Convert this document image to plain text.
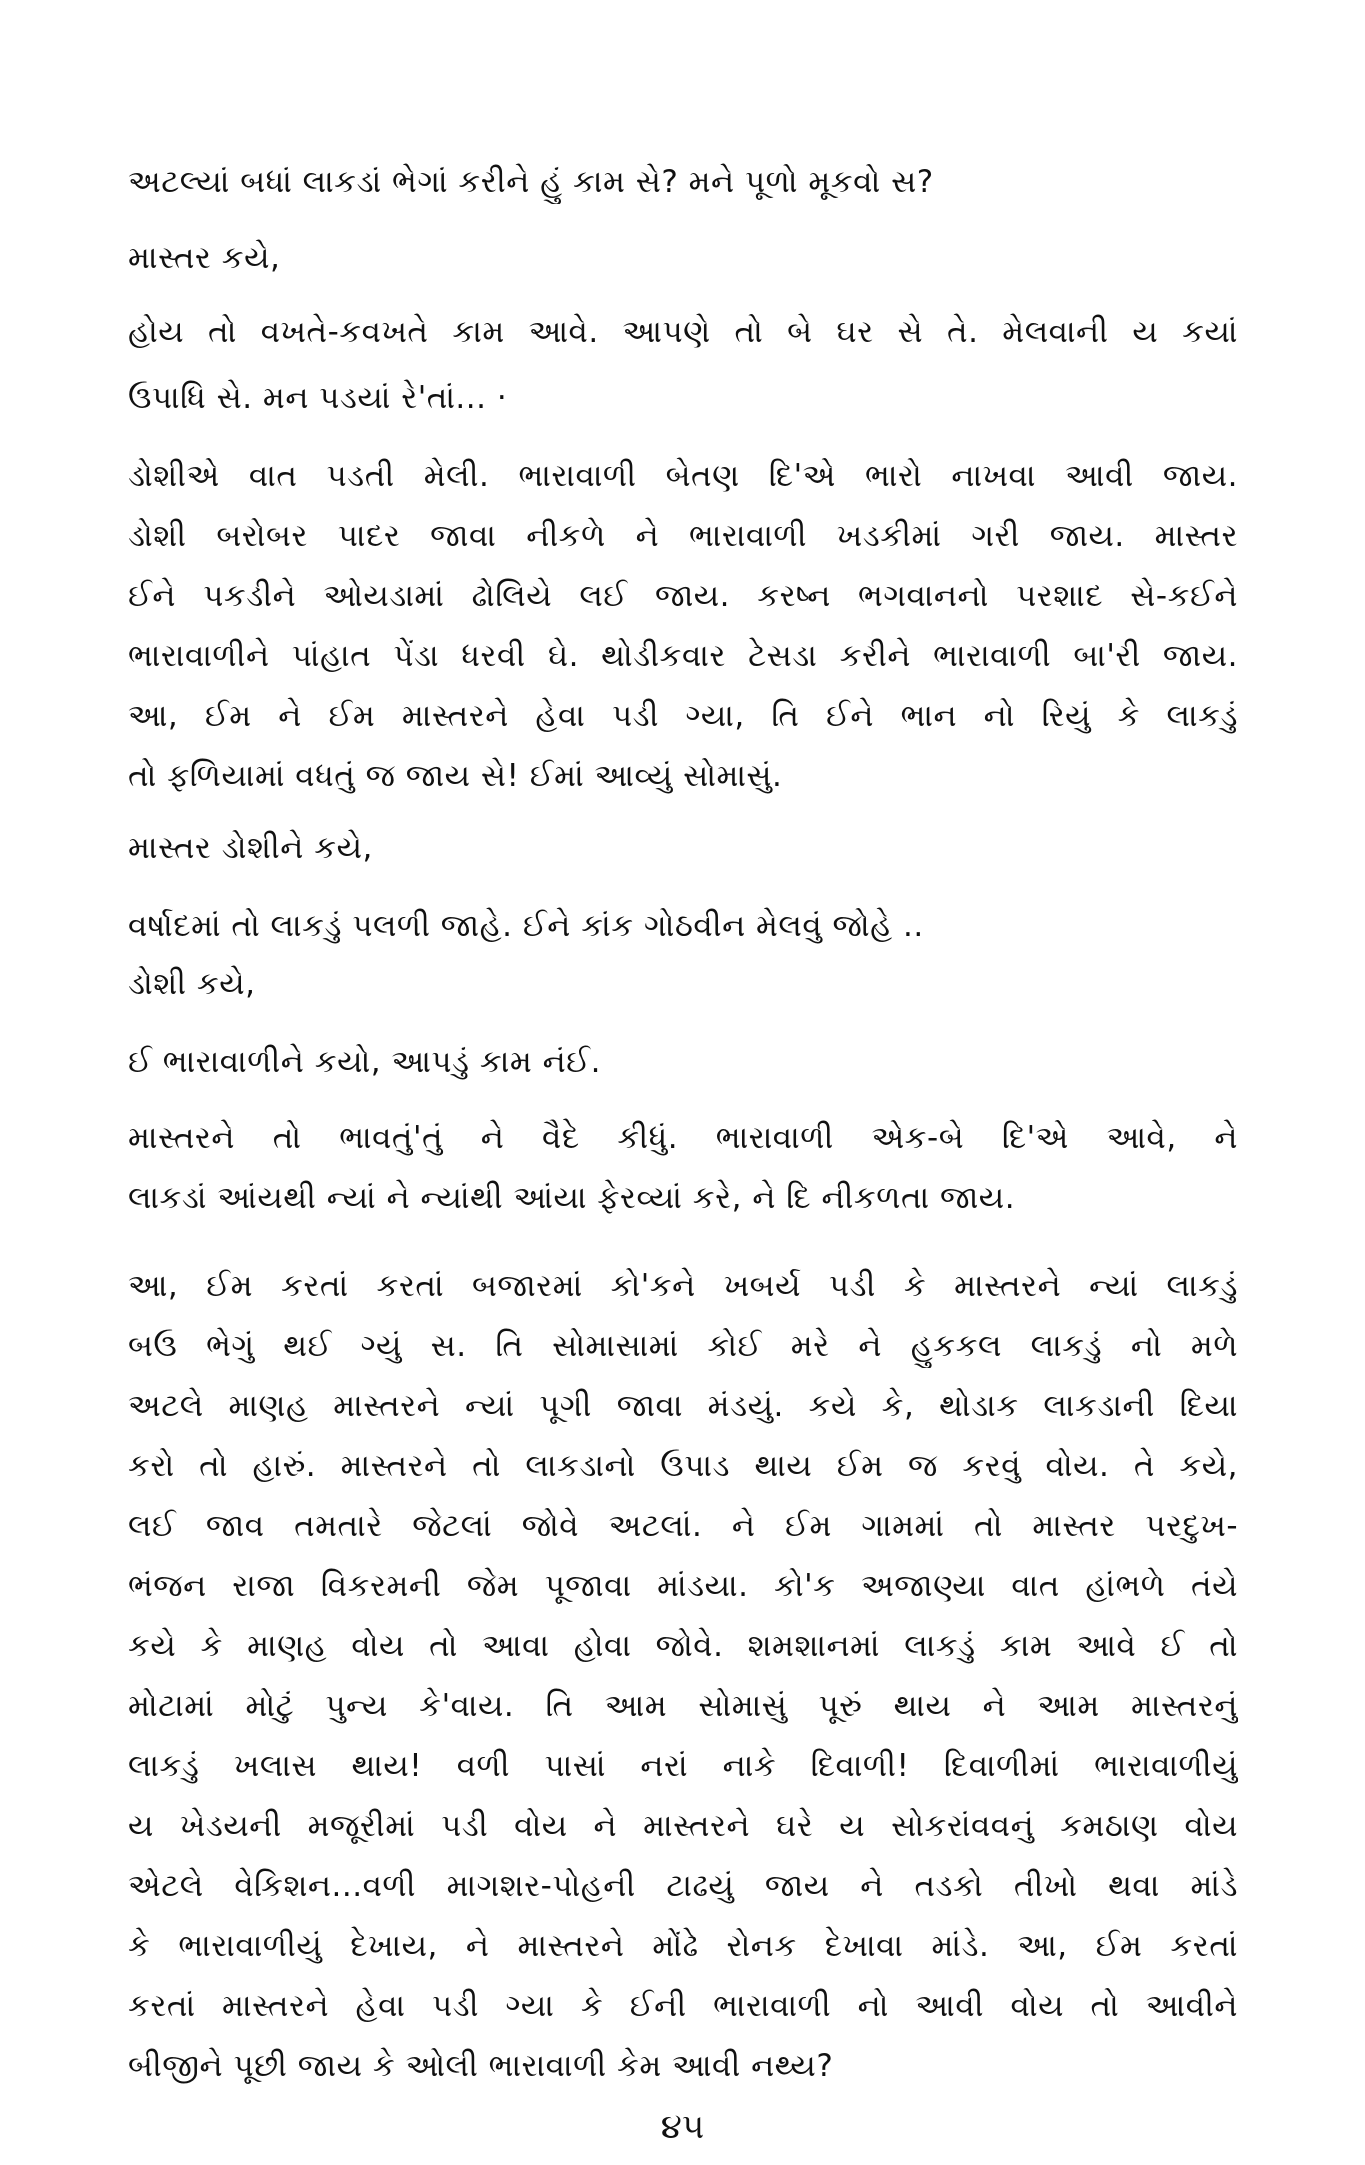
અટલ્યાં બધાં લાકડાં ભેગાં કરીને હું કામ સે? મને પૂળો મૂકવો સ?
માસ્તર કયે,
હોય તો વખતે-કવખતે કામ આવે. આપણે તો બે ઘર સે તે. મેલવાની ય કયાં
ઉપાધિ સે. મન પડયાં રે'તાં... ·
ડોશીએ વાત પડતી મેલી. ભારાવાળી બેતણ દિ'એ ભારો નાખવા આવી જાય.
ડોશી બરોબર પાદર જાવા નીકળે ને ભારાવાળી ખડકીમાં ગરી જાય. માસ્તર
ઈને પકડીને ઓયડામાં ઢોલિયે લઈ જાય. કરષ્ન ભગવાનનો પરશાદ સે-કઈને
ભારાવાળીને પાંહાત પેંડા ધરવી ઘે. થોડીકવાર ટેસડા કરીને ભારાવાળી બા'રી જાય.
આ, ઈમ ને ઈમ માસ્તરને હેવા પડી ગ્યા, તિ ઈને ભાન નો રિયું કે લાકડું
તો ફળિયામાં વધતું જ જાય સે! ઈમાં આવ્યું સોમાસું.
માસ્તર ડોશીને કયે,
વર્ષાદમાં તો લાકડું પલળી જાહે. ઈને કાંક ગોઠવીન મેલવું જોહે ..
ડોશી કયે,
ઈ ભારાવાળીને કયો, આપડું કામ નંઈ.
માસ્તરને તો ભાવતું'તું ને વૈદે કીધું. ભારાવાળી એક-બે દિ'એ આવે, ને
લાકડાં આંયથી ન્યાં ને ન્યાંથી આંયા ફેરવ્યાં કરે, ને દિ નીકળતા જાય.
આ, ઈમ કરતાં કરતાં બજારમાં કો'કને ખબર્ય પડી કે માસ્તરને ન્યાં લાકડું
બઉ ભેગું થઈ ગ્યું સ. તિ સોમાસામાં કોઈ મરે ને હુકકલ લાકડું નો મળે
અટલે માણહ માસ્તરને ન્યાં પૂગી જાવા મંડયું. કયે કે, થોડાક લાકડાની દિયા
કરો તો હારું. માસ્તરને તો લાકડાનો ઉપાડ થાય ઈમ જ કરવું વોય. તે કયે,
લઈ જાવ તમતારે જેટલાં જોવે અટલાં. ને ઈમ ગામમાં તો માસ્તર પરદુખ-
ભંજન રાજા વિકરમની જેમ પૂજાવા માંડયા. કો'ક અજાણ્યા વાત હાંભળે તંયે
કયે કે માણહ વોય તો આવા હોવા જોવે. શમશાનમાં લાકડું કામ આવે ઈ તો
મોટામાં મોટું પુન્ય કે'વાય. તિ આમ સોમાસું પૂરું થાય ને આમ માસ્તરનું
લાકડું ખલાસ થાય! વળી પાસાં નરાં નાકે દિવાળી! દિવાળીમાં ભારાવાળીયું
ય ખેડયની મજૂરીમાં પડી વોય ને માસ્તરને ઘરે ય સોકરાંવવનું કમઠાણ વોય
એટલે વેકિશન...વળી માગશર-પોહની ટાઢયું જાય ને તડકો તીખો થવા માંડે
કે ભારાવાળીયું દેખાય, ને માસ્તરને મોંઢે રોનક દેખાવા માંડે. આ, ઈમ કરતાં
કરતાં માસ્તરને હેવા પડી ગ્યા કે ઈની ભારાવાળી નો આવી વોય તો આવીને
બીજીને પૂછી જાય કે ઓલી ભારાવાળી કેમ આવી નથ્ય?
૪૫
